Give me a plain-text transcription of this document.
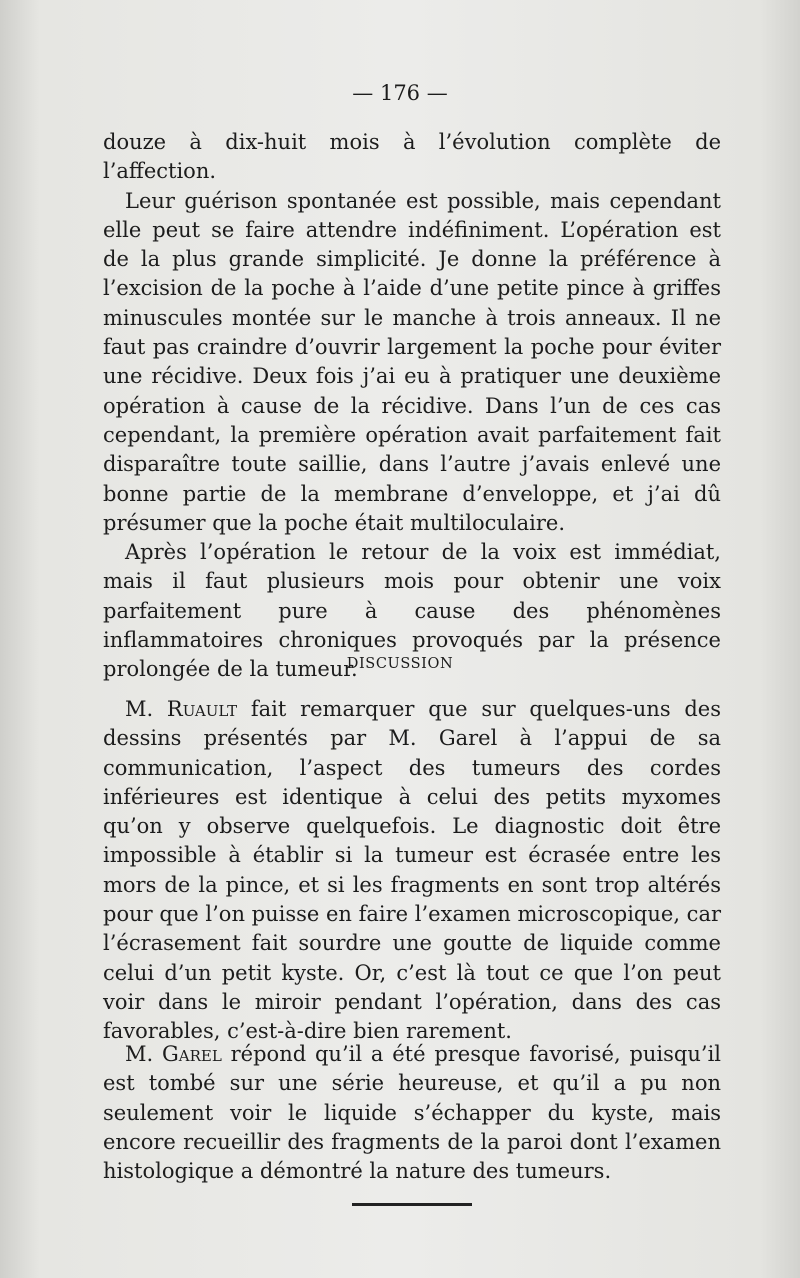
— 176 —

douze à dix-huit mois à l’évolution complète de l’affection.

Leur guérison spontanée est possible, mais cependant elle peut se faire attendre indéfiniment. L’opération est de la plus grande simplicité. Je donne la préférence à l’excision de la poche à l’aide d’une petite pince à griffes minuscules montée sur le manche à trois anneaux. Il ne faut pas craindre d’ouvrir largement la poche pour éviter une récidive. Deux fois j’ai eu à pratiquer une deuxième opération à cause de la récidive. Dans l’un de ces cas cependant, la première opération avait parfaitement fait disparaître toute saillie, dans l’autre j’avais enlevé une bonne partie de la membrane d’enveloppe, et j’ai dû présumer que la poche était multiloculaire.

Après l’opération le retour de la voix est immédiat, mais il faut plusieurs mois pour obtenir une voix parfaitement pure à cause des phénomènes inflammatoires chroniques provoqués par la présence prolongée de la tumeur.

DISCUSSION

M. Ruault fait remarquer que sur quelques-uns des dessins présentés par M. Garel à l’appui de sa communication, l’aspect des tumeurs des cordes inférieures est identique à celui des petits myxomes qu’on y observe quelquefois. Le diagnostic doit être impossible à établir si la tumeur est écrasée entre les mors de la pince, et si les fragments en sont trop altérés pour que l’on puisse en faire l’examen microscopique, car l’écrasement fait sourdre une goutte de liquide comme celui d’un petit kyste. Or, c’est là tout ce que l’on peut voir dans le miroir pendant l’opération, dans des cas favorables, c’est-à-dire bien rarement.

M. Garel répond qu’il a été presque favorisé, puisqu’il est tombé sur une série heureuse, et qu’il a pu non seulement voir le liquide s’échapper du kyste, mais encore recueillir des fragments de la paroi dont l’examen histologique a démontré la nature des tumeurs.
